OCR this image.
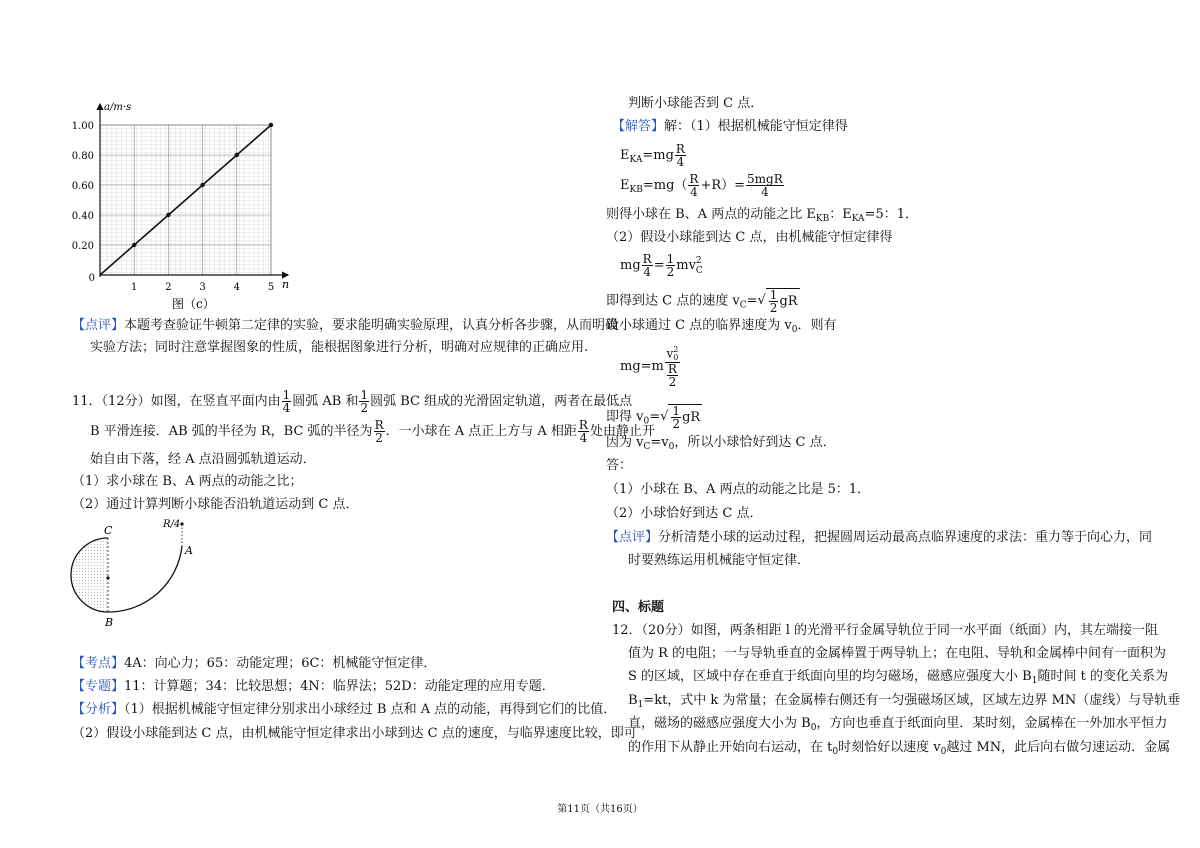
a/m·s
n
0
0.20
0.40
0.60
0.80
1.00
1	2	3	4	5
图（c）
【点评】本题考查验证牛顿第二定律的实验，要求能明确实验原理，认真分析各步骤，从而明确
实验方法；同时注意掌握图象的性质，能根据图象进行分析，明确对应规律的正确应用.
11．（12分）如图，在竖直平面内由 $\frac{1}{4}$ 圆弧 AB 和 $\frac{1}{2}$ 圆弧 BC 组成的光滑固定轨道，两者在最低点
B 平滑连接．AB 弧的半径为 R，BC 弧的半径为 $\frac{R}{2}$ ．一小球在 A 点正上方与 A 相距 $\frac{R}{4}$ 处由静止开
始自由下落，经 A 点沿圆弧轨道运动．
（1）求小球在 B、A 两点的动能之比；
（2）通过计算判断小球能否沿轨道运动到 C 点．
R/4
C
A
B
【考点】4A：向心力；65：动能定理；6C：机械能守恒定律．
【专题】11：计算题；34：比较思想；4N：临界法；52D：动能定理的应用专题．
【分析】（1）根据机械能守恒定律分别求出小球经过 B 点和 A 点的动能，再得到它们的比值．
（2）假设小球能到达 C 点，由机械能守恒定律求出小球到达 C 点的速度，与临界速度比较，即可
判断小球能否到 C 点．
【解答】解：（1）根据机械能守恒定律得
$E_{KA}=mg \frac{R}{4}$
$E_{KB}=mg( \frac{R}{4} +R)= \frac{\text{5mgR}}{4}$
则得小球在 B、A 两点的动能之比 $E_{KB}$：$E_{KA}=5$：1．
（2）假设小球能到达 C 点，由机械能守恒定律得
mg $\frac{R}{4} = \frac{1}{2}$ mv 2
C
即得到达 C 点的速度 $v_C=√ \frac{1}{2}$ gR
设小球通过 C 点的临界速度为 $v_0$．则有
mg=m v 2
0
$\frac{R}{2}$
即得 $v_0=√ \frac{1}{2}$ gR
因为 $v_C=v_0$，所以小球恰好到达 C 点．
答：
（1）小球在 B、A 两点的动能之比是 5：1．
（2）小球恰好到达 C 点．
【点评】分析清楚小球的运动过程，把握圆周运动最高点临界速度的求法：重力等于向心力，同
时要熟练运用机械能守恒定律．
四、标题
12．（20分）如图，两条相距 l 的光滑平行金属导轨位于同一水平面（纸面）内，其左端接一阻
值为 R 的电阻；一与导轨垂直的金属棒置于两导轨上；在电阻、导轨和金属棒中间有一面积为
S 的区域，区域中存在垂直于纸面向里的均匀磁场，磁感应强度大小 $B_1$随时间 t 的变化关系为
$B_1=kt$，式中 k 为常量；在金属棒右侧还有一匀强磁场区域，区域左边界 MN（虚线）与导轨垂
直，磁场的磁感应强度大小为 $B_0$，方向也垂直于纸面向里．某时刻，金属棒在一外加水平恒力
的作用下从静止开始向右运动，在 $t_0$时刻恰好以速度 $v_0$越过 MN，此后向右做匀速运动．金属
第11页（共16页）
